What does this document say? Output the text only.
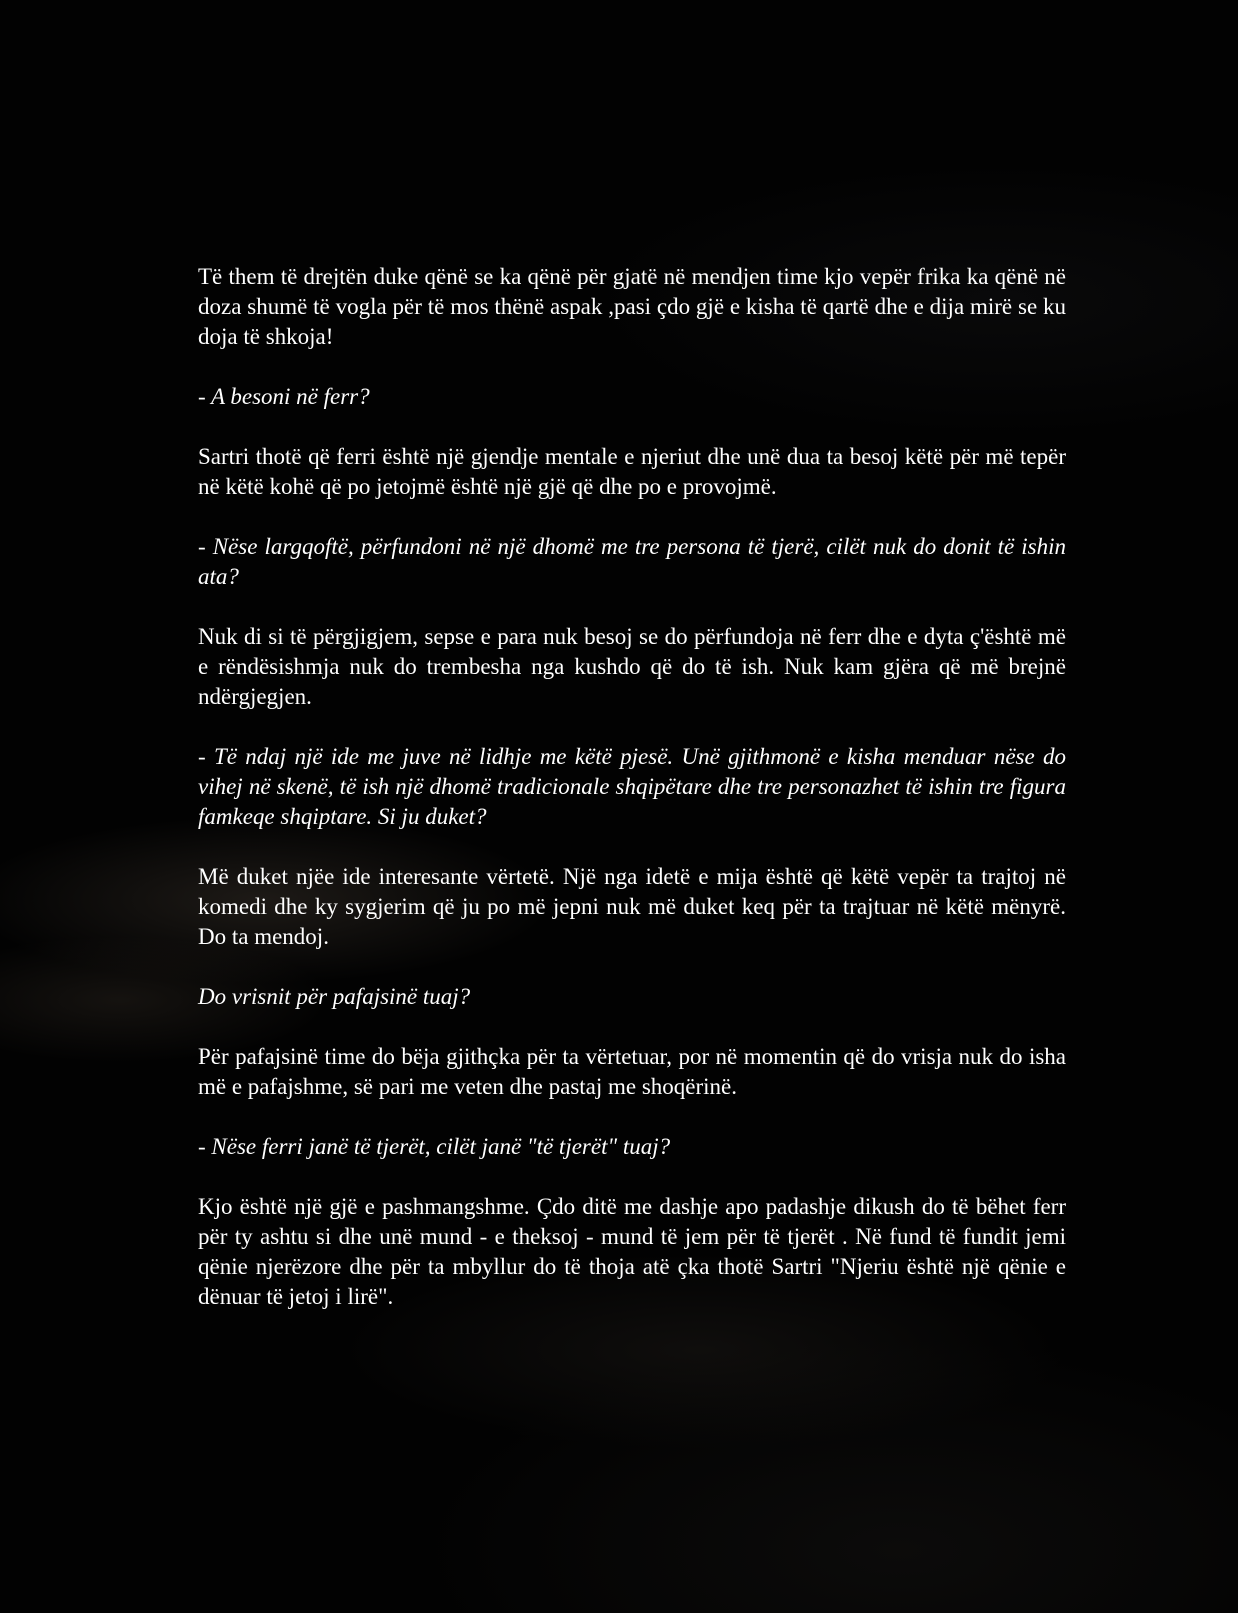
Të them të drejtën duke qënë se ka qënë për gjatë në mendjen time kjo vepër frika ka qënë në doza shumë të vogla për të mos thënë aspak ,pasi çdo gjë e kisha të qartë dhe e dija mirë se ku doja të shkoja!

- A besoni në ferr?

Sartri thotë që ferri është një gjendje mentale e njeriut dhe unë dua ta besoj këtë për më tepër në këtë kohë që po jetojmë është një gjë që dhe po e provojmë.

- Nëse largqoftë, përfundoni në një dhomë me tre persona të tjerë, cilët nuk do donit të ishin ata?

Nuk di si të përgjigjem, sepse e para nuk besoj se do përfundoja në ferr dhe e dyta ç'është më e rëndësishmja nuk do trembesha nga kushdo që do të ish. Nuk kam gjëra që më brejnë ndërgjegjen.

- Të ndaj një ide me juve në lidhje me këtë pjesë. Unë gjithmonë e kisha menduar nëse do vihej në skenë, të ish një dhomë tradicionale shqipëtare dhe tre personazhet të ishin tre figura famkeqe shqiptare. Si ju duket?

Më duket njëe ide interesante vërtetë. Një nga idetë e mija është që këtë vepër ta trajtoj në komedi dhe ky sygjerim që ju po më jepni nuk më duket keq për ta trajtuar në këtë mënyrë. Do ta mendoj.

Do vrisnit për pafajsinë tuaj?

Për pafajsinë time do bëja gjithçka për ta vërtetuar, por në momentin që do vrisja nuk do isha më e pafajshme, së pari me veten dhe pastaj me shoqërinë.

- Nëse ferri janë të tjerët, cilët janë "të tjerët" tuaj?

Kjo është një gjë e pashmangshme. Çdo ditë me dashje apo padashje dikush do të bëhet ferr për ty ashtu si dhe unë mund - e theksoj - mund të jem për të tjerët . Në fund të fundit jemi qënie njerëzore dhe për ta mbyllur do të thoja atë çka thotë Sartri "Njeriu është një qënie e dënuar të jetoj i lirë".
